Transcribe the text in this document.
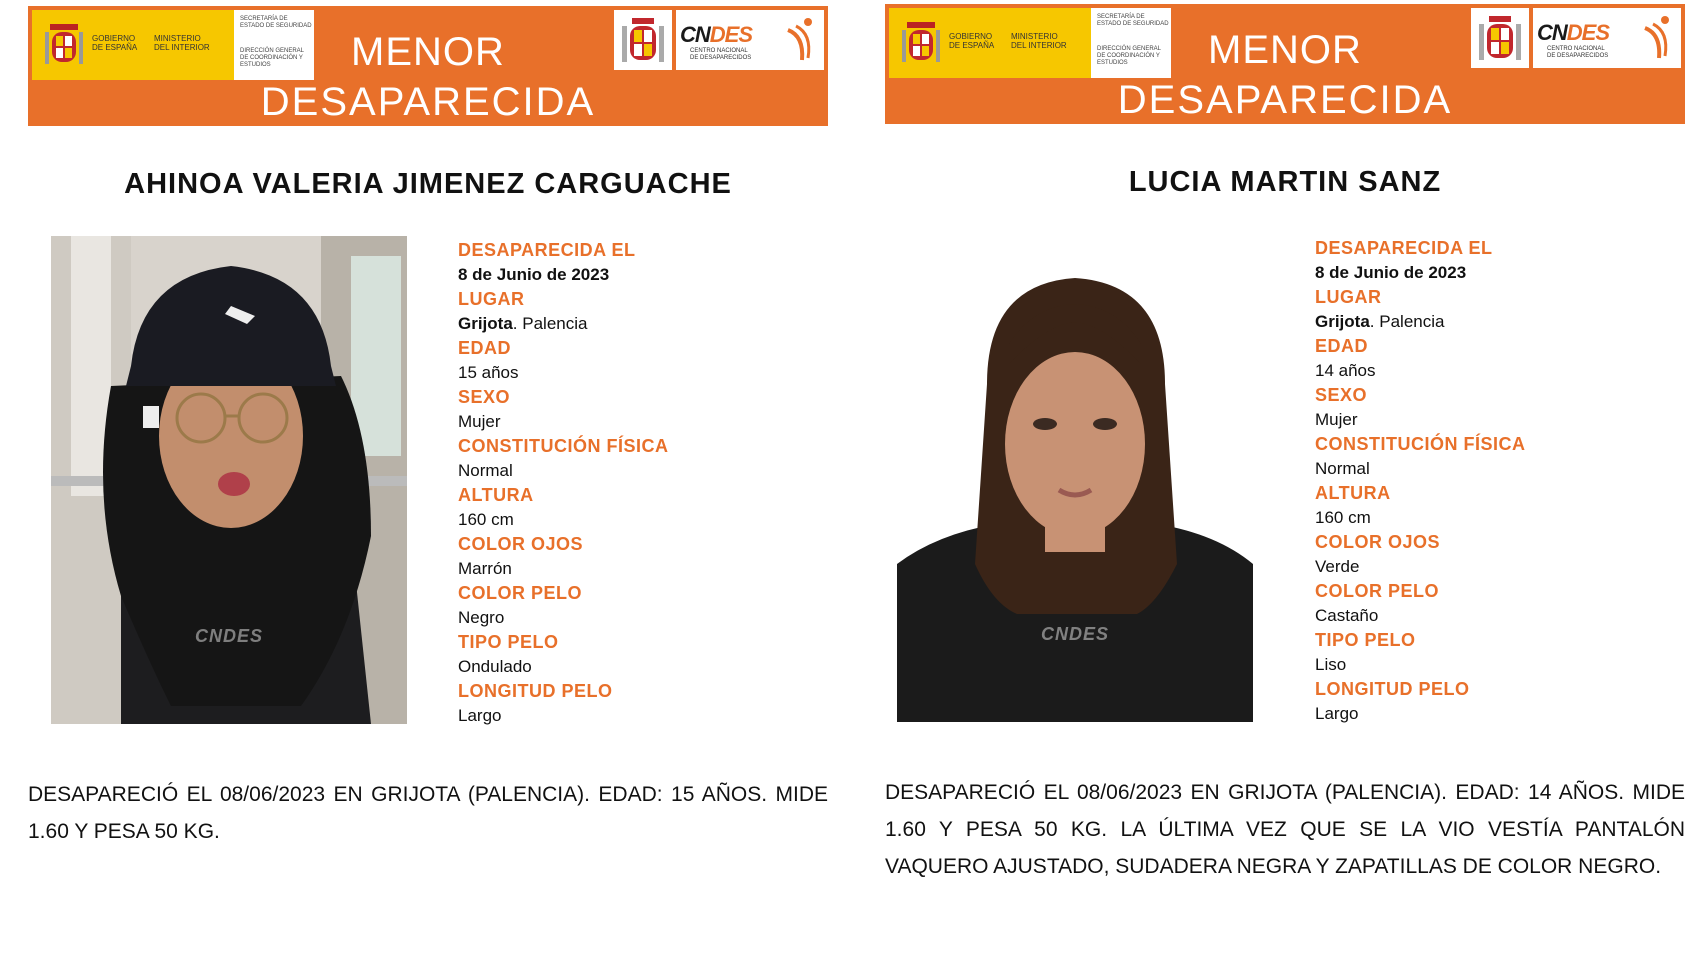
GOBIERNO
DE ESPAÑA
MINISTERIO
DEL INTERIOR
SECRETARÍA DE ESTADO DE SEGURIDAD
DIRECCIÓN GENERAL DE COORDINACIÓN Y ESTUDIOS
CNDES
CENTRO NACIONAL
DE DESAPARECIDOS
MENOR
DESAPARECIDA
AHINOA VALERIA JIMENEZ CARGUACHE
CNDES
DESAPARECIDA EL
8 de Junio de 2023
LUGAR
Grijota. Palencia
EDAD
15 años
SEXO
Mujer
CONSTITUCIÓN FÍSICA
Normal
ALTURA
160 cm
COLOR OJOS
Marrón
COLOR PELO
Negro
TIPO PELO
Ondulado
LONGITUD PELO
Largo
DESAPARECIÓ EL 08/06/2023 EN GRIJOTA (PALENCIA). EDAD: 15 AÑOS. MIDE 1.60 Y PESA 50 KG.
GOBIERNO
DE ESPAÑA
MINISTERIO
DEL INTERIOR
SECRETARÍA DE ESTADO DE SEGURIDAD
DIRECCIÓN GENERAL DE COORDINACIÓN Y ESTUDIOS
CNDES
CENTRO NACIONAL
DE DESAPARECIDOS
MENOR
DESAPARECIDA
LUCIA MARTIN SANZ
CNDES
DESAPARECIDA EL
8 de Junio de 2023
LUGAR
Grijota. Palencia
EDAD
14 años
SEXO
Mujer
CONSTITUCIÓN FÍSICA
Normal
ALTURA
160 cm
COLOR OJOS
Verde
COLOR PELO
Castaño
TIPO PELO
Liso
LONGITUD PELO
Largo
DESAPARECIÓ EL 08/06/2023 EN GRIJOTA (PALENCIA). EDAD: 14 AÑOS. MIDE 1.60 Y PESA 50 KG. LA ÚLTIMA VEZ QUE SE LA VIO VESTÍA PANTALÓN VAQUERO AJUSTADO, SUDADERA NEGRA Y ZAPATILLAS DE COLOR NEGRO.
